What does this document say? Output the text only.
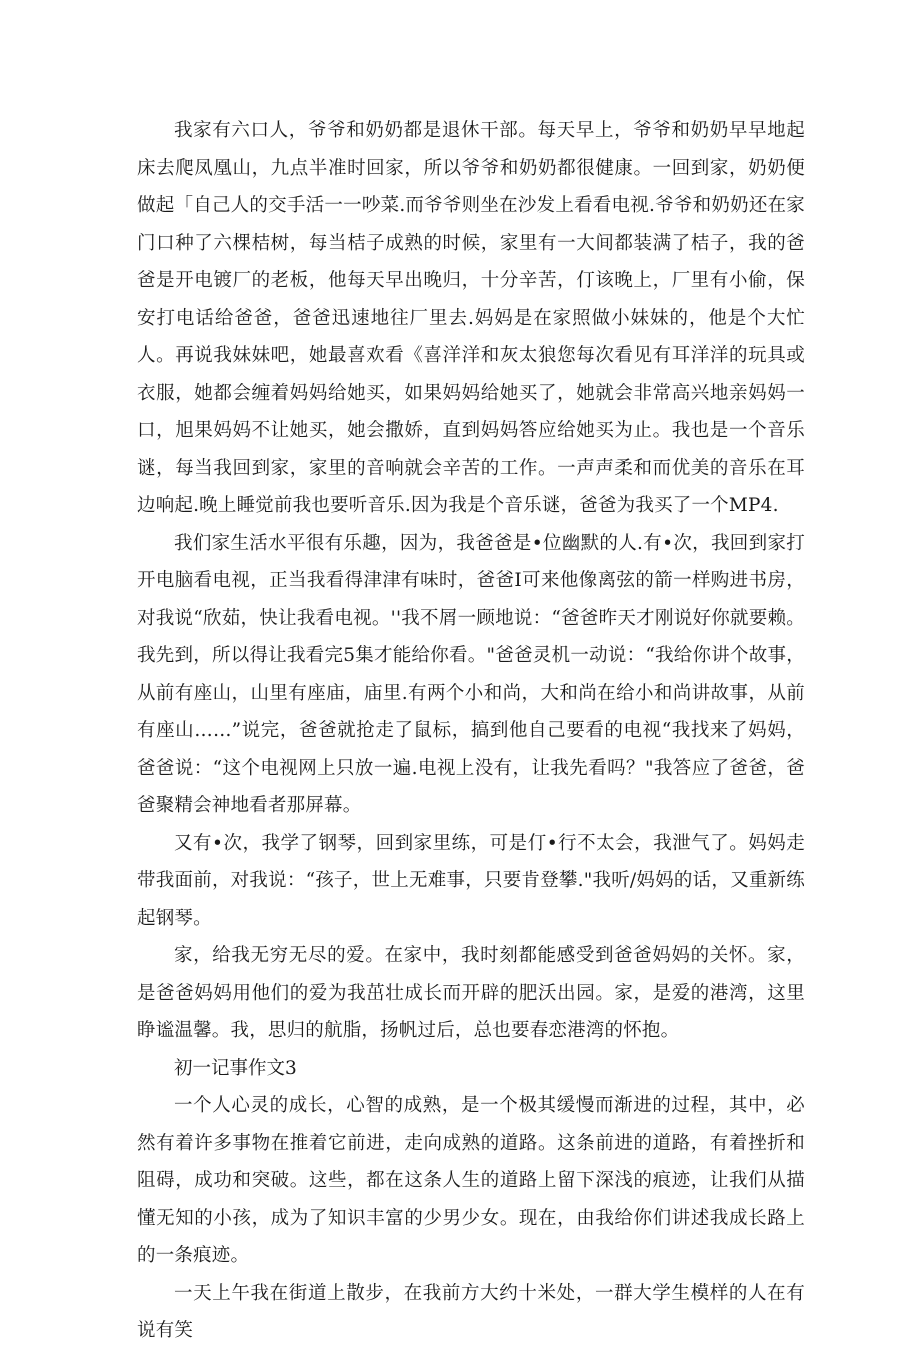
我家有六口人，爷爷和奶奶都是退休干部。每天早上，爷爷和奶奶早早地起床去爬凤凰山，九点半准时回家，所以爷爷和奶奶都很健康。一回到家，奶奶便做起「自己人的交手活一一吵菜.而爷爷则坐在沙发上看看电视.爷爷和奶奶还在家门口种了六棵桔树，每当桔子成熟的时候，家里有一大间都装满了桔子，我的爸爸是开电镀厂的老板，他每天早出晚归，十分辛苦，仃该晚上，厂里有小偷，保安打电话给爸爸，爸爸迅速地往厂里去.妈妈是在家照做小妹妹的，他是个大忙人。再说我妹妹吧，她最喜欢看《喜洋洋和灰太狼您每次看见有耳洋洋的玩具或衣服，她都会缠着妈妈给她买，如果妈妈给她买了，她就会非常高兴地亲妈妈一口，旭果妈妈不让她买，她会撒娇，直到妈妈答应给她买为止。我也是一个音乐谜，每当我回到家，家里的音响就会辛苦的工作。一声声柔和而优美的音乐在耳边响起.晚上睡觉前我也要听音乐.因为我是个音乐谜，爸爸为我买了一个MP4.

我们家生活水平很有乐趣，因为，我爸爸是•位幽默的人.有•次，我回到家打开电脑看电视，正当我看得津津有味时，爸爸I可来他像离弦的箭一样购进书房，对我说“欣茹，快让我看电视。''我不屑一顾地说：“爸爸昨天才刚说好你就要赖。我先到，所以得让我看完5集才能给你看。"爸爸灵机一动说：“我给你讲个故事，从前有座山，山里有座庙，庙里.有两个小和尚，大和尚在给小和尚讲故事，从前有座山……”说完，爸爸就抢走了鼠标，搞到他自己要看的电视“我找来了妈妈，爸爸说：“这个电视网上只放一遍.电视上没有，让我先看吗？"我答应了爸爸，爸爸聚精会神地看者那屏幕。

又有•次，我学了钢琴，回到家里练，可是仃•行不太会，我泄气了。妈妈走带我面前，对我说：“孩子，世上无难事，只要肯登攀."我听/妈妈的话，又重新练起钢琴。

家，给我无穷无尽的爱。在家中，我时刻都能感受到爸爸妈妈的关怀。家，是爸爸妈妈用他们的爱为我茁壮成长而开辟的肥沃出园。家，是爱的港湾，这里睁谧温馨。我，思归的航脂，扬帆过后，总也要春恋港湾的怀抱。

初一记事作文3

一个人心灵的成长，心智的成熟，是一个极其缓慢而渐进的过程，其中，必然有着许多事物在推着它前进，走向成熟的道路。这条前进的道路，有着挫折和阻碍，成功和突破。这些，都在这条人生的道路上留下深浅的痕迹，让我们从描懂无知的小孩，成为了知识丰富的少男少女。现在，由我给你们讲述我成长路上的一条痕迹。

一天上午我在街道上散步，在我前方大约十米处，一群大学生模样的人在有说有笑
